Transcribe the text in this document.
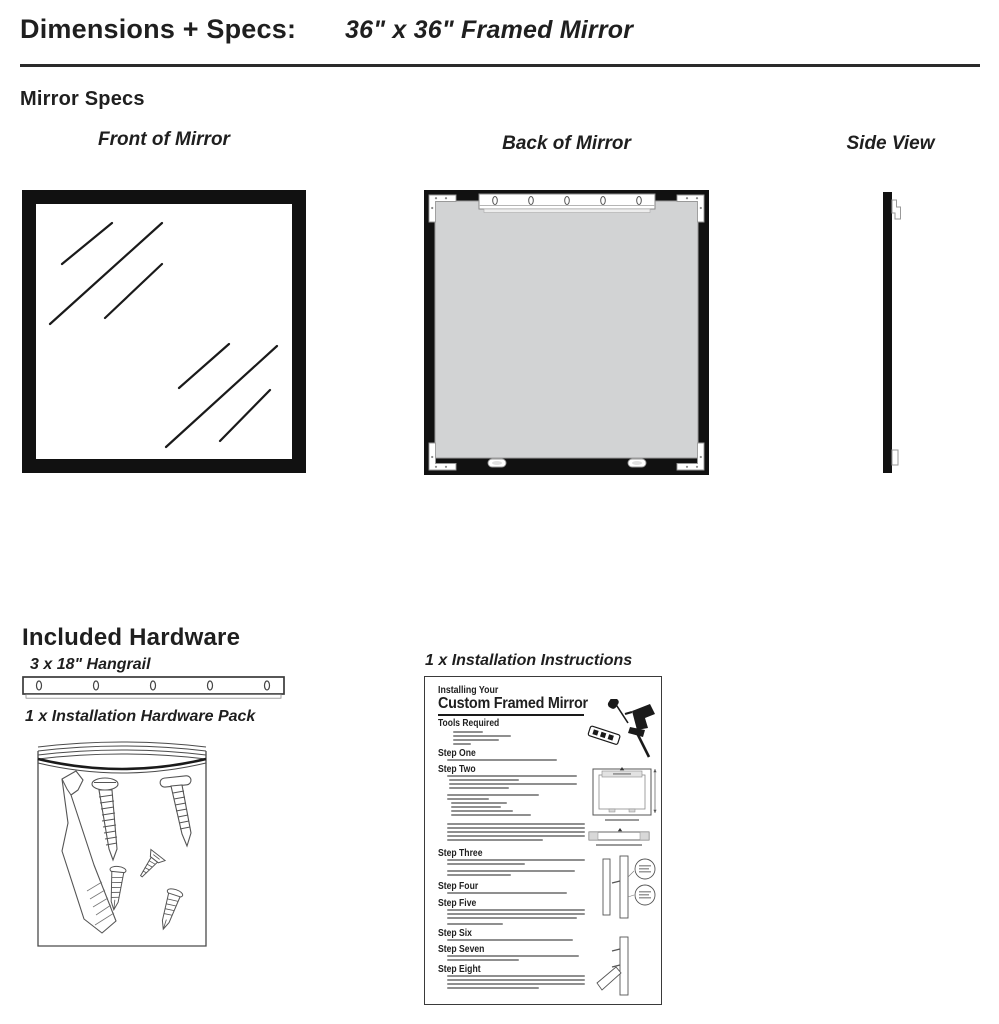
Dimensions + Specs: 36" x 36" Framed Mirror
Mirror Specs
Front of Mirror	Back of Mirror	Side View
Included Hardware
3 x 18" Hangrail
1 x Installation Hardware Pack
1 x Installation Instructions
Installing Your
Custom Framed Mirror
Tools Required
Step One
Step Two
Step Three
Step Four
Step Five
Step Six
Step Seven
Step Eight
